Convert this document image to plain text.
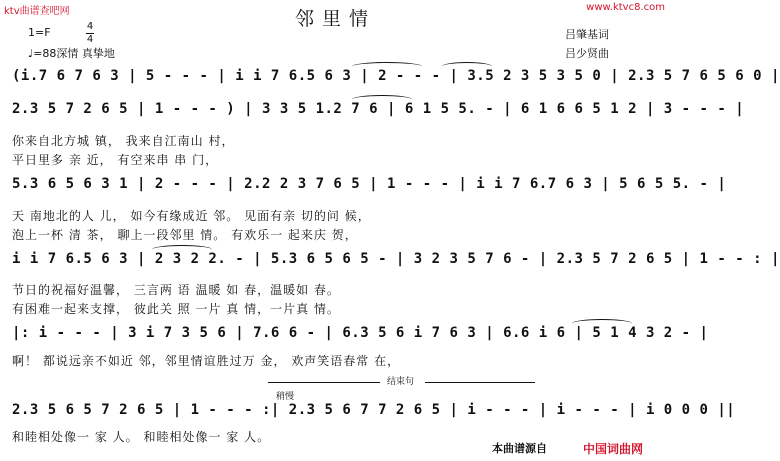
ktv曲谱查吧网	www.ktvc8.com
邻里情
1=F	4
4
♩=88深情 真挚地
吕肇基词
吕少贤曲
(i.7 6 7 6 3 | 5 - - - | i i 7 6.5 6 3 | 2 - - - | 3.5 2 3 5 3 5 0 | 2.3 5 7 6 5 6 0 |
2.3 5 7 2 6 5 | 1 - - - ) | 3 3 5 1.2 7 6 | 6 1 5 5. - | 6 1 6 6 5 1 2 | 3 - - - |
你来自北方城 镇， 我来自江南山 村，
平日里多 亲 近， 有空来串 串 门，
5.3 6 5 6 3 1 | 2 - - - | 2.2 2 3 7 6 5 | 1 - - - | i i 7 6.7 6 3 | 5 6 5 5. - |
天 南地北的人 儿， 如今有缘成近 邻。 见面有亲 切的问 候，
泡上一杯 清 茶， 聊上一段邻里 情。 有欢乐一 起来庆 贺，
i i 7 6.5 6 3 | 2 3 2 2. - | 5.3 6 5 6 5 - | 3 2 3 5 7 6 - | 2.3 5 7 2 6 5 | 1 - - : |
节日的祝福好温馨， 三言两 语 温暖 如 春，温暖如 春。
有困难一起来支撑， 彼此关 照 一片 真 情，一片真 情。
|: i - - - | 3 i 7 3 5 6 | 7.6 6 - | 6.3 5 6 i 7 6 3 | 6.6 i 6 | 5 1 4 3 2 - |
啊！ 都说远亲不如近 邻，邻里情谊胜过万 金， 欢声笑语春常 在，
结束句
稍慢
2.3 5 6 5 7 2 6 5 | 1 - - - :| 2.3 5 6 7 7 2 6 5 | i - - - | i - - - | i 0 0 0 ||
和睦相处像一 家 人。 和睦相处像一 家 人。
本曲谱源自	中国词曲网
